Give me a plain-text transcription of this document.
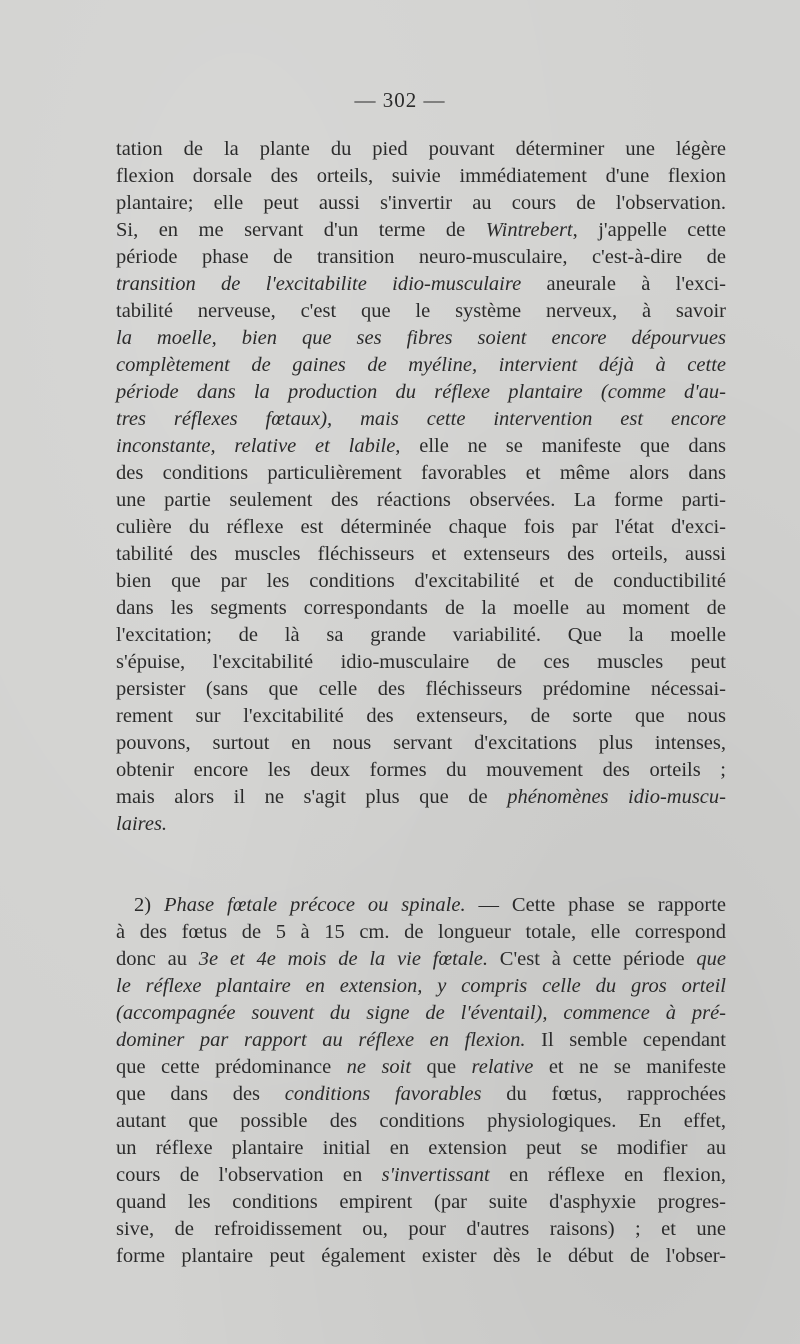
— 302 —
tation de la plante du pied pouvant déterminer une légère
flexion dorsale des orteils, suivie immédiatement d'une flexion
plantaire; elle peut aussi s'invertir au cours de l'observation.
Si, en me servant d'un terme de Wintrebert, j'appelle cette
période phase de transition neuro-musculaire, c'est-à-dire de
transition de l'excitabilite idio-musculaire aneurale à l'exci-
tabilité nerveuse, c'est que le système nerveux, à savoir
la moelle, bien que ses fibres soient encore dépourvues
complètement de gaines de myéline, intervient déjà à cette
période dans la production du réflexe plantaire (comme d'au-
tres réflexes fœtaux), mais cette intervention est encore
inconstante, relative et labile, elle ne se manifeste que dans
des conditions particulièrement favorables et même alors dans
une partie seulement des réactions observées. La forme parti-
culière du réflexe est déterminée chaque fois par l'état d'exci-
tabilité des muscles fléchisseurs et extenseurs des orteils, aussi
bien que par les conditions d'excitabilité et de conductibilité
dans les segments correspondants de la moelle au moment de
l'excitation; de là sa grande variabilité. Que la moelle
s'épuise, l'excitabilité idio-musculaire de ces muscles peut
persister (sans que celle des fléchisseurs prédomine nécessai-
rement sur l'excitabilité des extenseurs, de sorte que nous
pouvons, surtout en nous servant d'excitations plus intenses,
obtenir encore les deux formes du mouvement des orteils ;
mais alors il ne s'agit plus que de phénomènes idio-muscu-
laires.
2) Phase fœtale précoce ou spinale. — Cette phase se rapporte
à des fœtus de 5 à 15 cm. de longueur totale, elle correspond
donc au 3e et 4e mois de la vie fœtale. C'est à cette période que
le réflexe plantaire en extension, y compris celle du gros orteil
(accompagnée souvent du signe de l'éventail), commence à pré-
dominer par rapport au réflexe en flexion. Il semble cependant
que cette prédominance ne soit que relative et ne se manifeste
que dans des conditions favorables du fœtus, rapprochées
autant que possible des conditions physiologiques. En effet,
un réflexe plantaire initial en extension peut se modifier au
cours de l'observation en s'invertissant en réflexe en flexion,
quand les conditions empirent (par suite d'asphyxie progres-
sive, de refroidissement ou, pour d'autres raisons) ; et une
forme plantaire peut également exister dès le début de l'obser-
